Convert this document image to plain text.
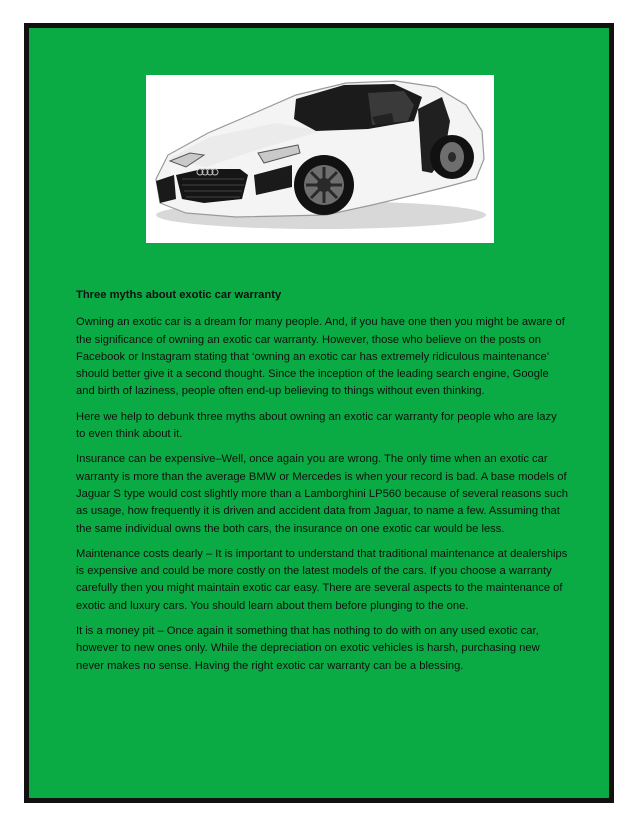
Three myths about exotic car warranty

Owning an exotic car is a dream for many people. And, if you have one then you might be aware of the significance of owning an exotic car warranty. However, those who believe on the posts on Facebook or Instagram stating that ‘owning an exotic car has extremely ridiculous maintenance’ should better give it a second thought. Since the inception of the leading search engine, Google and birth of laziness, people often end-up believing to things without even thinking.

Here we help to debunk three myths about owning an exotic car warranty for people who are lazy to even think about it.

Insurance can be expensive–Well, once again you are wrong. The only time when an exotic car warranty is more than the average BMW or Mercedes is when your record is bad. A base models of Jaguar S type would cost slightly more than a Lamborghini LP560 because of several reasons such as usage, how frequently it is driven and accident data from Jaguar, to name a few. Assuming that the same individual owns the both cars, the insurance on one exotic car would be less.

Maintenance costs dearly – It is important to understand that traditional maintenance at dealerships is expensive and could be more costly on the latest models of the cars. If you choose a warranty carefully then you might maintain exotic car easy. There are several aspects to the maintenance of exotic and luxury cars. You should learn about them before plunging to the one.

It is a money pit – Once again it something that has nothing to do with on any used exotic car, however to new ones only. While the depreciation on exotic vehicles is harsh, purchasing new never makes no sense. Having the right exotic car warranty can be a blessing.
